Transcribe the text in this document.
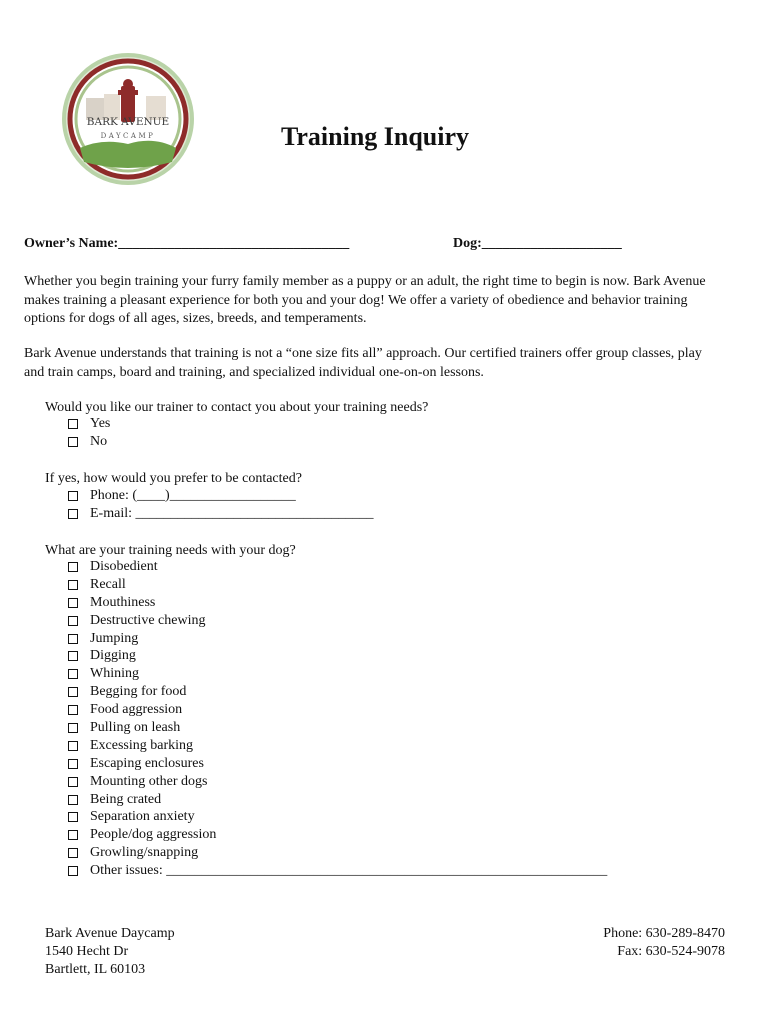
BARK AVENUE
DAYCAMP	Training Inquiry
Owner’s Name:_________________________________	Dog:____________________
Whether you begin training your furry family member as a puppy or an adult, the right time to begin is now. Bark Avenue makes training a pleasant experience for both you and your dog! We offer a variety of obedience and behavior training options for dogs of all ages, sizes, breeds, and temperaments.
Bark Avenue understands that training is not a “one size fits all” approach. Our certified trainers offer group classes, play and train camps, board and training, and specialized individual one-on-on lessons.
Would you like our trainer to contact you about your training needs?
Yes
No
If yes, how would you prefer to be contacted?
Phone: (____)__________________
E-mail: __________________________________
What are your training needs with your dog?
Disobedient
Recall
Mouthiness
Destructive chewing
Jumping
Digging
Whining
Begging for food
Food aggression
Pulling on leash
Excessing barking
Escaping enclosures
Mounting other dogs
Being crated
Separation anxiety
People/dog aggression
Growling/snapping
Other issues: _______________________________________________________________
Bark Avenue Daycamp
1540 Hecht Dr
Bartlett, IL 60103
Phone: 630-289-8470
Fax: 630-524-9078
